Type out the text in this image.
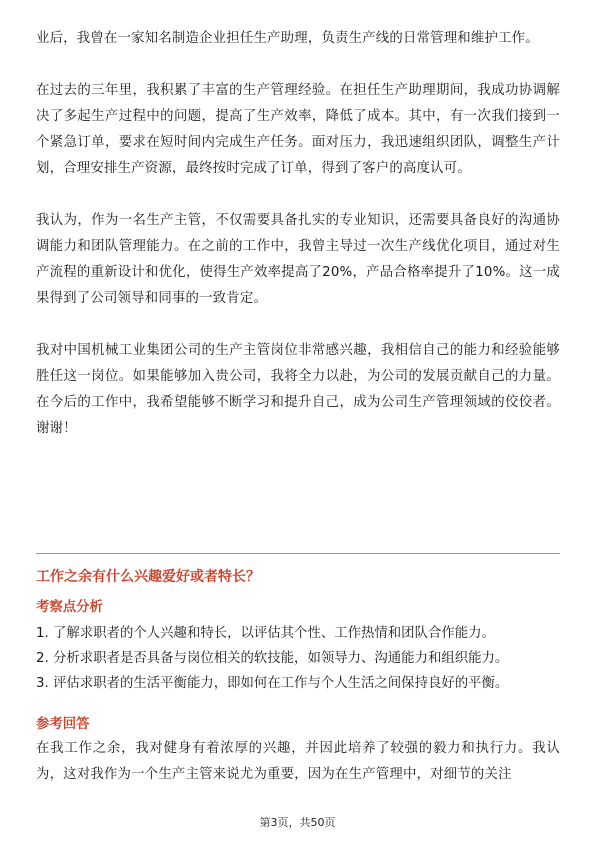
业后，我曾在一家知名制造企业担任生产助理，负责生产线的日常管理和维护工作。

在过去的三年里，我积累了丰富的生产管理经验。在担任生产助理期间，我成功协调解决了多起生产过程中的问题，提高了生产效率，降低了成本。其中，有一次我们接到一个紧急订单，要求在短时间内完成生产任务。面对压力，我迅速组织团队，调整生产计划，合理安排生产资源，最终按时完成了订单，得到了客户的高度认可。

我认为，作为一名生产主管，不仅需要具备扎实的专业知识，还需要具备良好的沟通协调能力和团队管理能力。在之前的工作中，我曾主导过一次生产线优化项目，通过对生产流程的重新设计和优化，使得生产效率提高了20%，产品合格率提升了10%。这一成果得到了公司领导和同事的一致肯定。

我对中国机械工业集团公司的生产主管岗位非常感兴趣，我相信自己的能力和经验能够胜任这一岗位。如果能够加入贵公司，我将全力以赴，为公司的发展贡献自己的力量。在今后的工作中，我希望能够不断学习和提升自己，成为公司生产管理领域的佼佼者。谢谢！

工作之余有什么兴趣爱好或者特长？
考察点分析
1. 了解求职者的个人兴趣和特长，以评估其个性、工作热情和团队合作能力。
2. 分析求职者是否具备与岗位相关的软技能，如领导力、沟通能力和组织能力。
3. 评估求职者的生活平衡能力，即如何在工作与个人生活之间保持良好的平衡。
参考回答

在我工作之余，我对健身有着浓厚的兴趣，并因此培养了较强的毅力和执行力。我认为，这对我作为一个生产主管来说尤为重要，因为在生产管理中，对细节的关注

第3页，共50页
